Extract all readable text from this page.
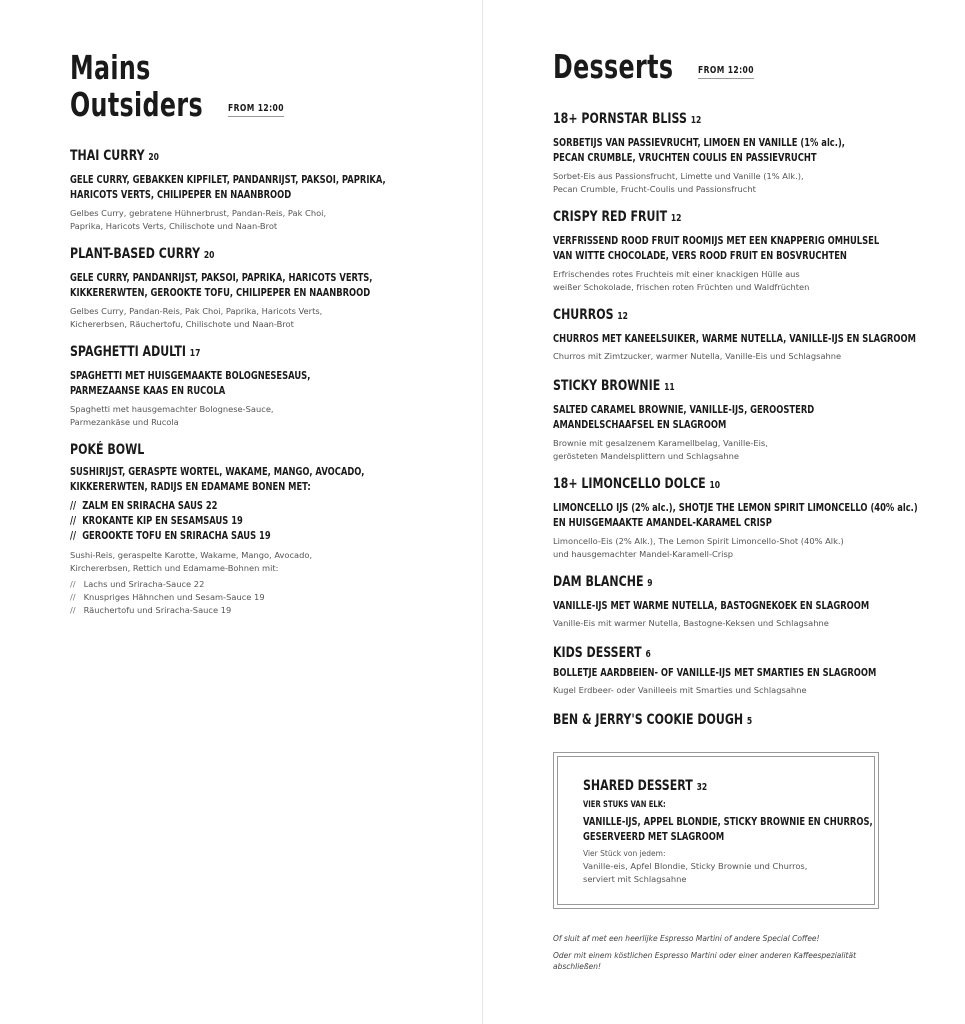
Mains
Outsiders	FROM 12:00
THAI CURRY 20
GELE CURRY, GEBAKKEN KIPFILET, PANDANRIJST, PAKSOI, PAPRIKA,
HARICOTS VERTS, CHILIPEPER EN NAANBROOD
Gelbes Curry, gebratene Hühnerbrust, Pandan-Reis, Pak Choi,
Paprika, Haricots Verts, Chilischote und Naan-Brot
PLANT-BASED CURRY 20
GELE CURRY, PANDANRIJST, PAKSOI, PAPRIKA, HARICOTS VERTS,
KIKKERERWTEN, GEROOKTE TOFU, CHILIPEPER EN NAANBROOD
Gelbes Curry, Pandan-Reis, Pak Choi, Paprika, Haricots Verts,
Kichererbsen, Räuchertofu, Chilischote und Naan-Brot
SPAGHETTI ADULTI 17
SPAGHETTI MET HUISGEMAAKTE BOLOGNESESAUS,
PARMEZAANSE KAAS EN RUCOLA
Spaghetti met hausgemachter Bolognese-Sauce,
Parmezankäse und Rucola
POKÉ BOWL
SUSHIRIJST, GERASPTE WORTEL, WAKAME, MANGO, AVOCADO,
KIKKERERWTEN, RADIJS EN EDAMAME BONEN MET:
// ZALM EN SRIRACHA SAUS 22
// KROKANTE KIP EN SESAMSAUS 19
// GEROOKTE TOFU EN SRIRACHA SAUS 19
Sushi-Reis, geraspelte Karotte, Wakame, Mango, Avocado,
Kirchererbsen, Rettich und Edamame-Bohnen mit:
// Lachs und Sriracha-Sauce 22
// Knuspriges Hähnchen und Sesam-Sauce 19
// Räuchertofu und Sriracha-Sauce 19
Desserts	FROM 12:00
18+ PORNSTAR BLISS 12
SORBETIJS VAN PASSIEVRUCHT, LIMOEN EN VANILLE (1% alc.),
PECAN CRUMBLE, VRUCHTEN COULIS EN PASSIEVRUCHT
Sorbet-Eis aus Passionsfrucht, Limette und Vanille (1% Alk.),
Pecan Crumble, Frucht-Coulis und Passionsfrucht
CRISPY RED FRUIT 12
VERFRISSEND ROOD FRUIT ROOMIJS MET EEN KNAPPERIG OMHULSEL
VAN WITTE CHOCOLADE, VERS ROOD FRUIT EN BOSVRUCHTEN
Erfrischendes rotes Fruchteis mit einer knackigen Hülle aus
weißer Schokolade, frischen roten Früchten und Waldfrüchten
CHURROS 12
CHURROS MET KANEELSUIKER, WARME NUTELLA, VANILLE-IJS EN SLAGROOM
Churros mit Zimtzucker, warmer Nutella, Vanille-Eis und Schlagsahne
STICKY BROWNIE 11
SALTED CARAMEL BROWNIE, VANILLE-IJS, GEROOSTERD
AMANDELSCHAAFSEL EN SLAGROOM
Brownie mit gesalzenem Karamellbelag, Vanille-Eis,
gerösteten Mandelsplittern und Schlagsahne
18+ LIMONCELLO DOLCE 10
LIMONCELLO IJS (2% alc.), SHOTJE THE LEMON SPIRIT LIMONCELLO (40% alc.)
EN HUISGEMAAKTE AMANDEL-KARAMEL CRISP
Limoncello-Eis (2% Alk.), The Lemon Spirit Limoncello-Shot (40% Alk.)
und hausgemachter Mandel-Karamell-Crisp
DAM BLANCHE 9
VANILLE-IJS MET WARME NUTELLA, BASTOGNEKOEK EN SLAGROOM
Vanille-Eis mit warmer Nutella, Bastogne-Keksen und Schlagsahne
KIDS DESSERT 6
BOLLETJE AARDBEIEN- OF VANILLE-IJS MET SMARTIES EN SLAGROOM
Kugel Erdbeer- oder Vanilleeis mit Smarties und Schlagsahne
BEN & JERRY'S COOKIE DOUGH 5
SHARED DESSERT 32
VIER STUKS VAN ELK:
VANILLE-IJS, APPEL BLONDIE, STICKY BROWNIE EN CHURROS,
GESERVEERD MET SLAGROOM
Vier Stück von jedem:
Vanille-eis, Apfel Blondie, Sticky Brownie und Churros,
serviert mit Schlagsahne
Of sluit af met een heerlijke Espresso Martini of andere Special Coffee!
Oder mit einem köstlichen Espresso Martini oder einer anderen Kaffeespezialität
abschließen!
